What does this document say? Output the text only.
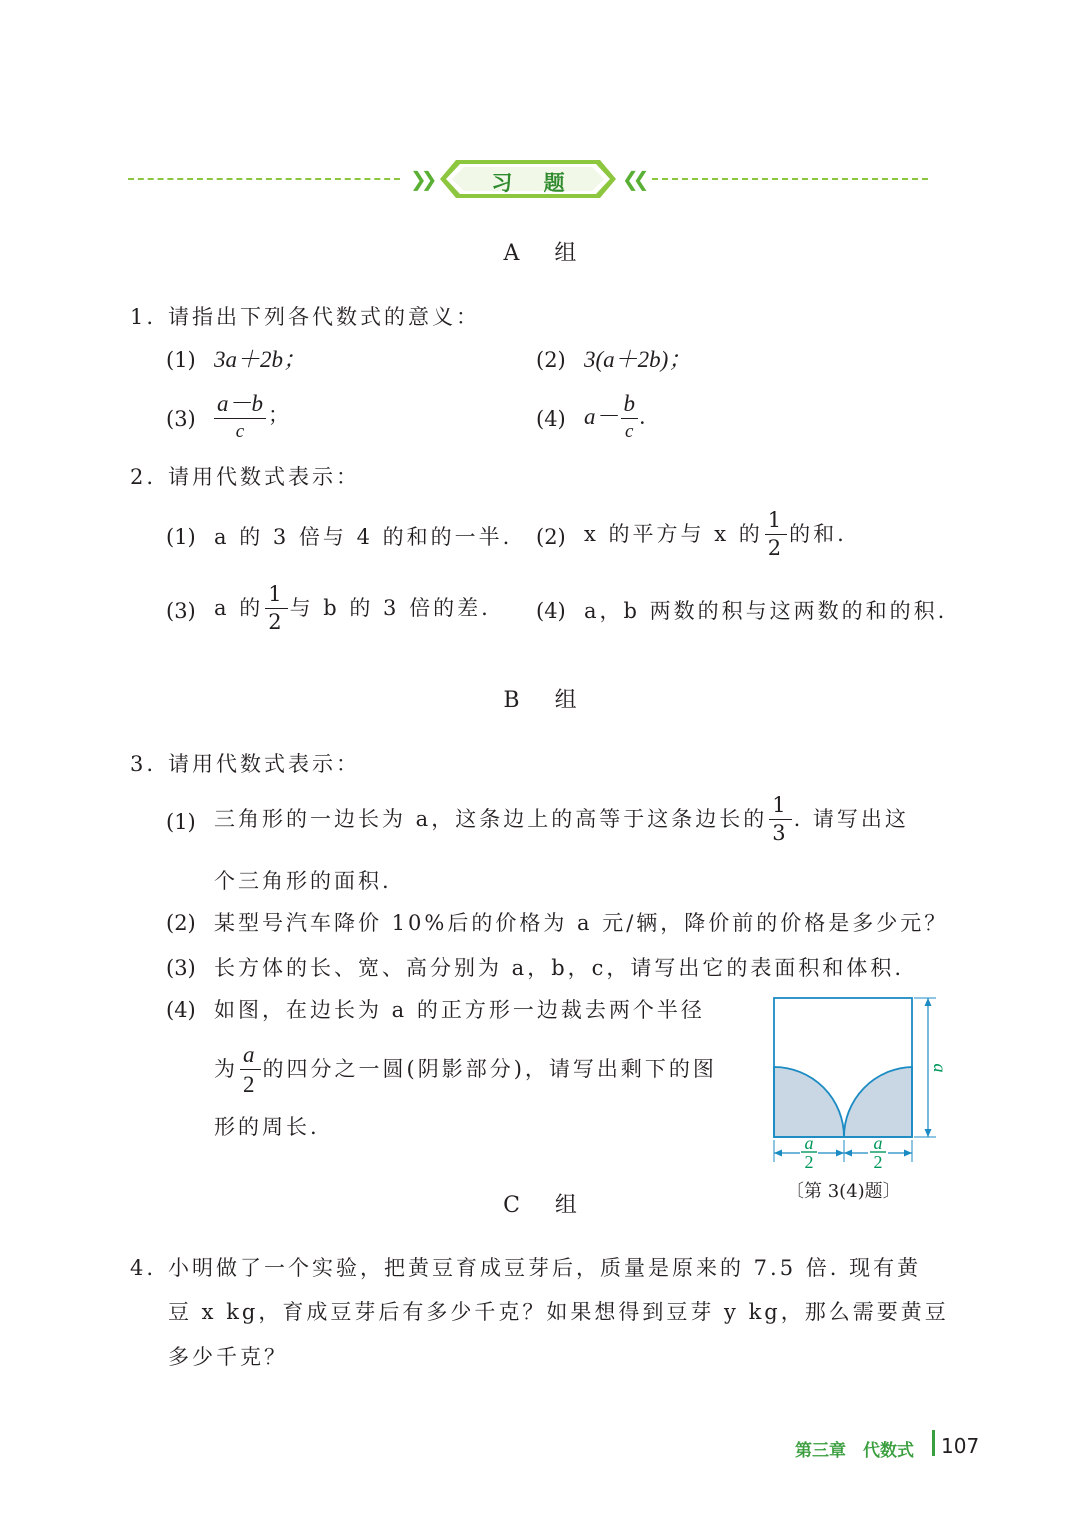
❯❯	习 题	❮❮
A 组
1. 请指出下列各代数式的意义：
(1) 3a＋2b；	(2) 3(a＋2b)；
$(3) \frac{a-b}{c}$ ；	(4) $a- \frac{b}{c}$ .
2. 请用代数式表示：
(1) a 的 3 倍与 4 的和的一半. (2) x 的平方与 x 的 $\frac{1}{2}$ 的和.
(3) a 的 $\frac{1}{2}$ 与 b 的 3 倍的差. (4) a，b 两数的积与这两数的和的积.
B 组
3. 请用代数式表示：
(1) 三角形的一边长为 a，这条边上的高等于这条边长的 $\frac{1}{3}$ . 请写出这
个三角形的面积.
(2) 某型号汽车降价 10%后的价格为 a 元/辆，降价前的价格是多少元？
(3) 长方体的长、宽、高分别为 a，b，c，请写出它的表面积和体积.
(4) 如图，在边长为 a 的正方形一边裁去两个半径
为 $\frac{a}{2}$ 的四分之一圆(阴影部分)，请写出剩下的图
形的周长.
a
a
2
a
2
〔第 3(4)题〕
C 组
4. 小明做了一个实验，把黄豆育成豆芽后，质量是原来的 7.5 倍. 现有黄
豆 x kg，育成豆芽后有多少千克？如果想得到豆芽 y kg，那么需要黄豆
多少千克？
第三章　代数式 107
